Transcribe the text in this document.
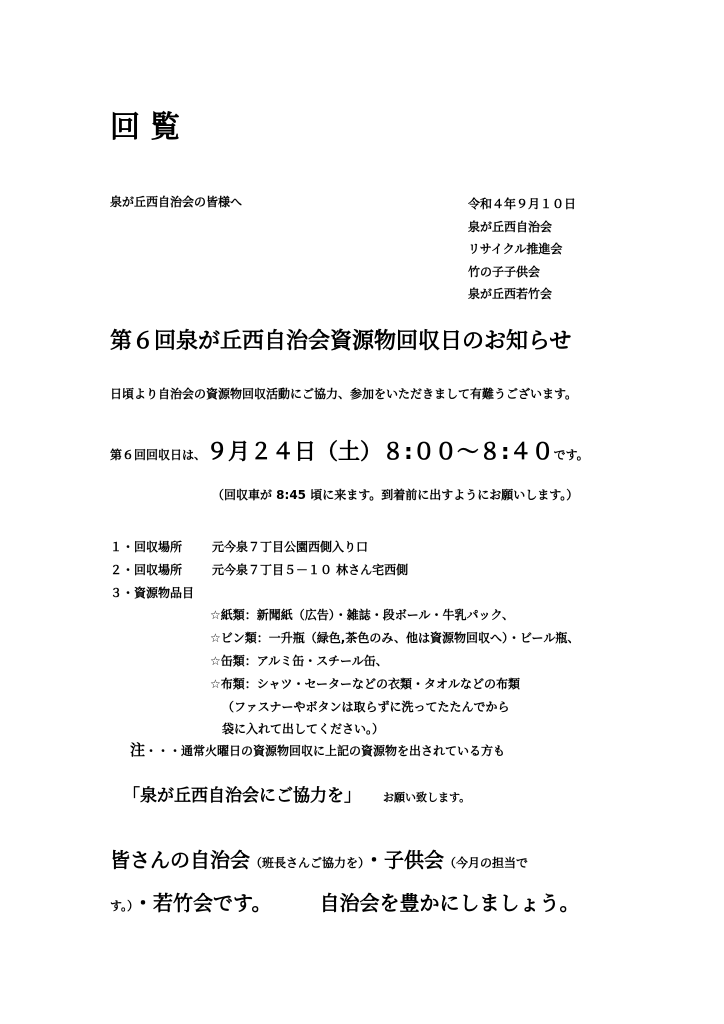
回覧
泉が丘西自治会の皆様へ	令和４年９月１０日
泉が丘西自治会
リサイクル推進会
竹の子子供会
泉が丘西若竹会
第６回泉が丘西自治会資源物回収日のお知らせ
日頃より自治会の資源物回収活動にご協力、参加をいただきまして有難うございます。
第６回回収日は、９月２４日（土）８:００～８:４０です。
（回収車が 8:45 頃に来ます。到着前に出すようにお願いします。）
１・回収場所	元今泉７丁目公園西側入り口
２・回収場所	元今泉７丁目５－１０ 林さん宅西側
３・資源物品目
☆紙類：新聞紙（広告）・雑誌・段ボール・牛乳パック、
☆ビン類：一升瓶（緑色,茶色のみ、他は資源物回収へ）・ビール瓶、
☆缶類：アルミ缶・スチール缶、
☆布類：シャツ・セーターなどの衣類・タオルなどの布類
（ファスナーやボタンは取らずに洗ってたたんでから
袋に入れて出してください。）
注・・・通常火曜日の資源物回収に上記の資源物を出されている方も
「泉が丘西自治会にご協力を」 お願い致します。
皆さんの自治会（班長さんご協力を）・子供会（今月の担当で
す。）・若竹会です。 自治会を豊かにしましょう。
